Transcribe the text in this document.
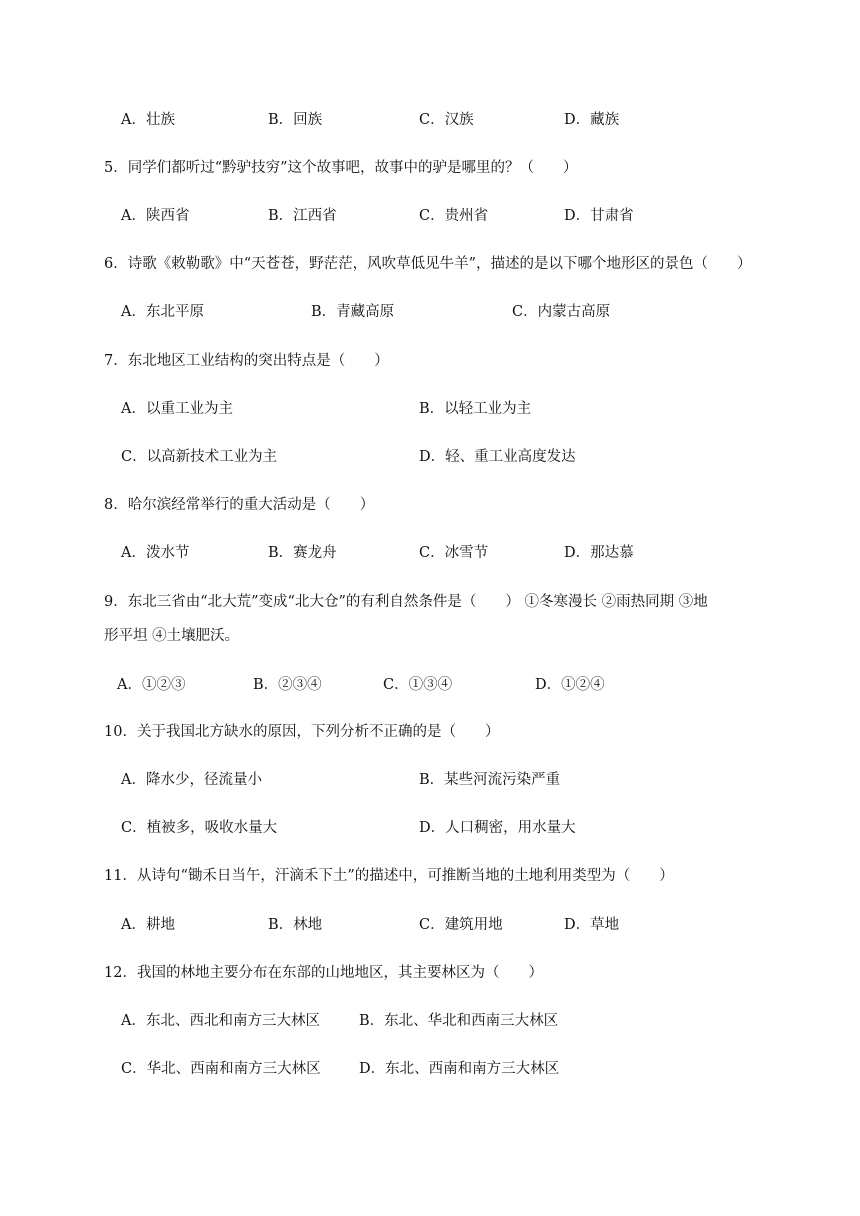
A．壮族	B．回族	C．汉族	D．藏族
5．同学们都听过“黔驴技穷”这个故事吧，故事中的驴是哪里的？（　　）
A．陕西省	B．江西省	C．贵州省	D．甘肃省
6．诗歌《敕勒歌》中“天苍苍，野茫茫，风吹草低见牛羊”，描述的是以下哪个地形区的景色（　　）
A．东北平原	B．青藏高原	C．内蒙古高原
7．东北地区工业结构的突出特点是（　　）
A．以重工业为主	B．以轻工业为主
C．以高新技术工业为主	D．轻、重工业高度发达
8．哈尔滨经常举行的重大活动是（　　）
A．泼水节	B．赛龙舟	C．冰雪节	D．那达慕
9．东北三省由“北大荒”变成“北大仓”的有利自然条件是（　　） ①冬寒漫长 ②雨热同期 ③地
形平坦 ④土壤肥沃。
A．①②③	B．②③④	C．①③④	D．①②④
10．关于我国北方缺水的原因，下列分析不正确的是（　　）
A．降水少，径流量小	B．某些河流污染严重
C．植被多，吸收水量大	D．人口稠密，用水量大
11．从诗句“锄禾日当午，汗滴禾下土”的描述中，可推断当地的土地利用类型为（　　）
A．耕地	B．林地	C．建筑用地	D．草地
12．我国的林地主要分布在东部的山地地区，其主要林区为（　　）
A．东北、西北和南方三大林区	B．东北、华北和西南三大林区
C．华北、西南和南方三大林区	D．东北、西南和南方三大林区
